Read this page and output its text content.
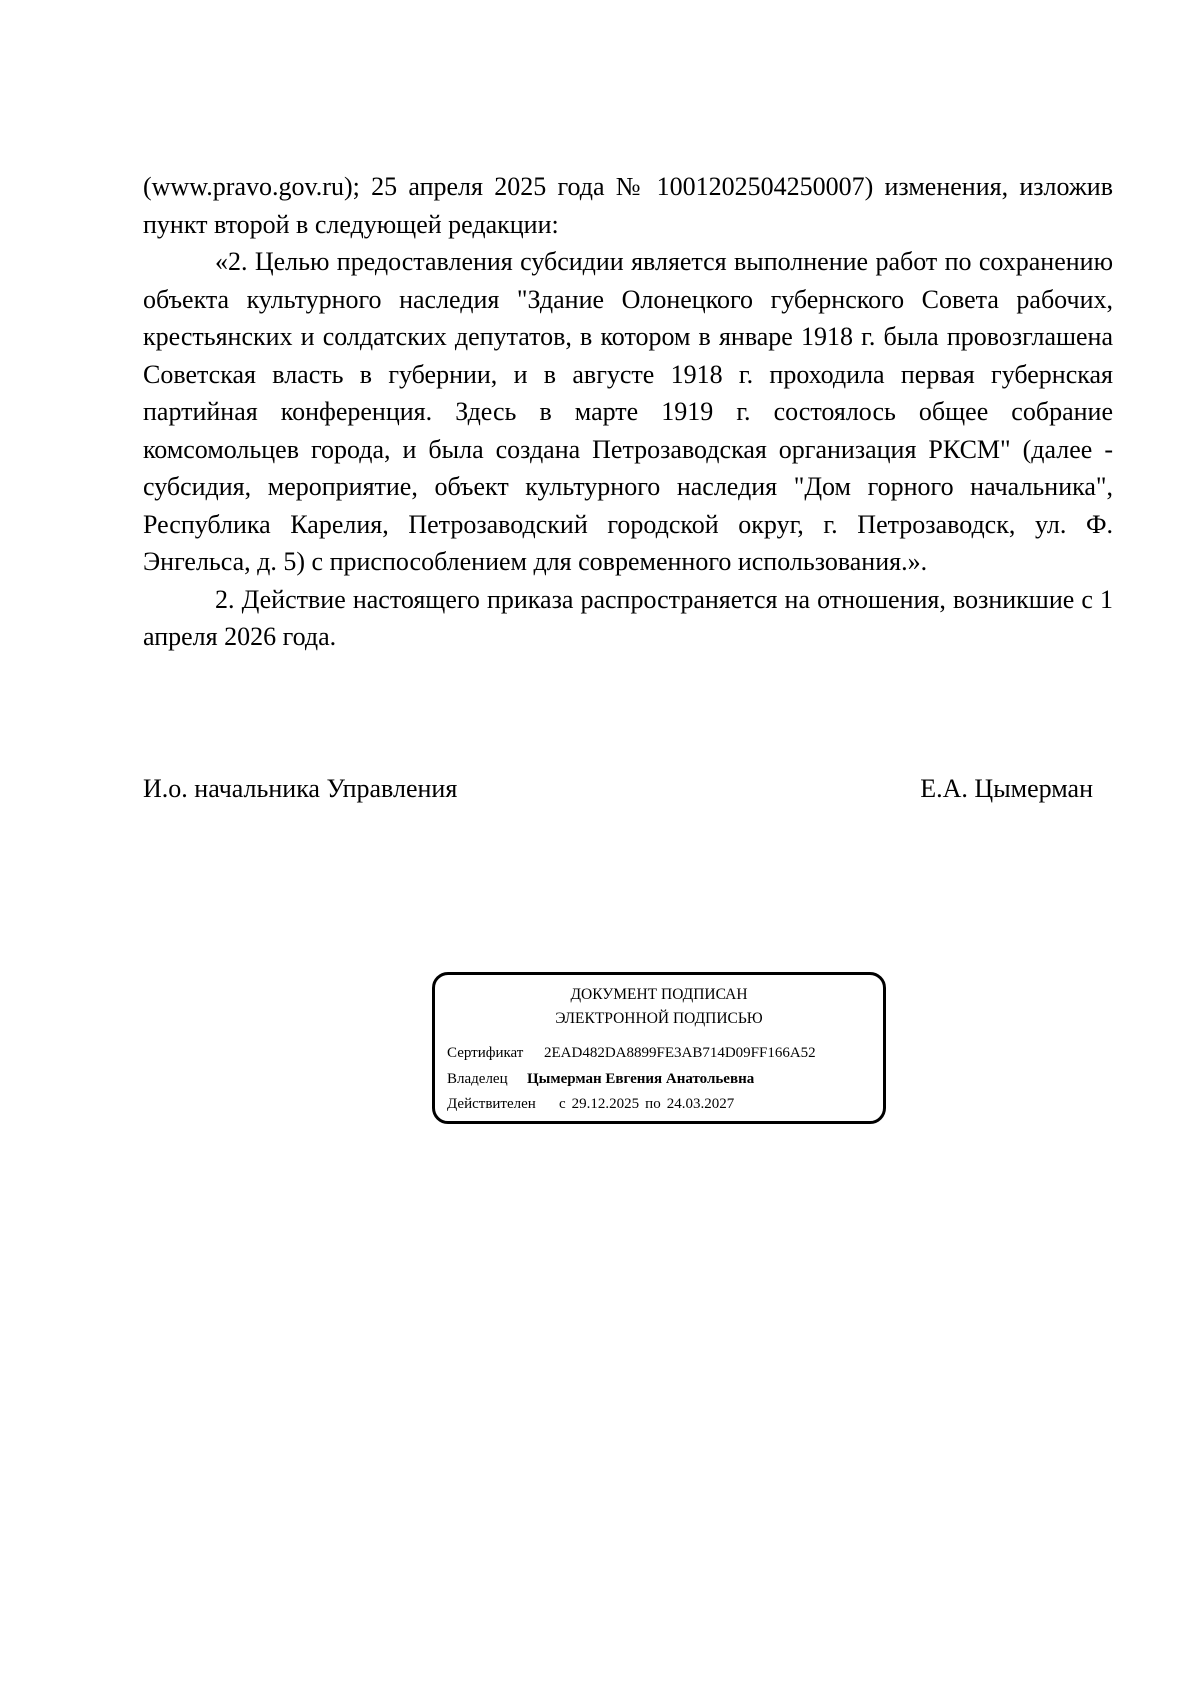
(www.pravo.gov.ru); 25 апреля 2025 года № 1001202504250007) изменения, изложив пункт второй в следующей редакции:

«2. Целью предоставления субсидии является выполнение работ по сохранению объекта культурного наследия "Здание Олонецкого губернского Совета рабочих, крестьянских и солдатских депутатов, в котором в январе 1918 г. была провозглашена Советская власть в губернии, и в августе 1918 г. проходила первая губернская партийная конференция. Здесь в марте 1919 г. состоялось общее собрание комсомольцев города, и была создана Петрозаводская организация РКСМ" (далее - субсидия, мероприятие, объект культурного наследия "Дом горного начальника", Республика Карелия, Петрозаводский городской округ, г. Петрозаводск, ул. Ф. Энгельса, д. 5) с приспособлением для современного использования.».

2. Действие настоящего приказа распространяется на отношения, возникшие с 1 апреля 2026 года.

И.о. начальника Управления	Е.А. Цымерман
ДОКУМЕНТ ПОДПИСАН
ЭЛЕКТРОННОЙ ПОДПИСЬЮ
Сертификат 2EAD482DA8899FE3AB714D09FF166A52
Владелец Цымерман Евгения Анатольевна
Действителен с 29.12.2025 по 24.03.2027
